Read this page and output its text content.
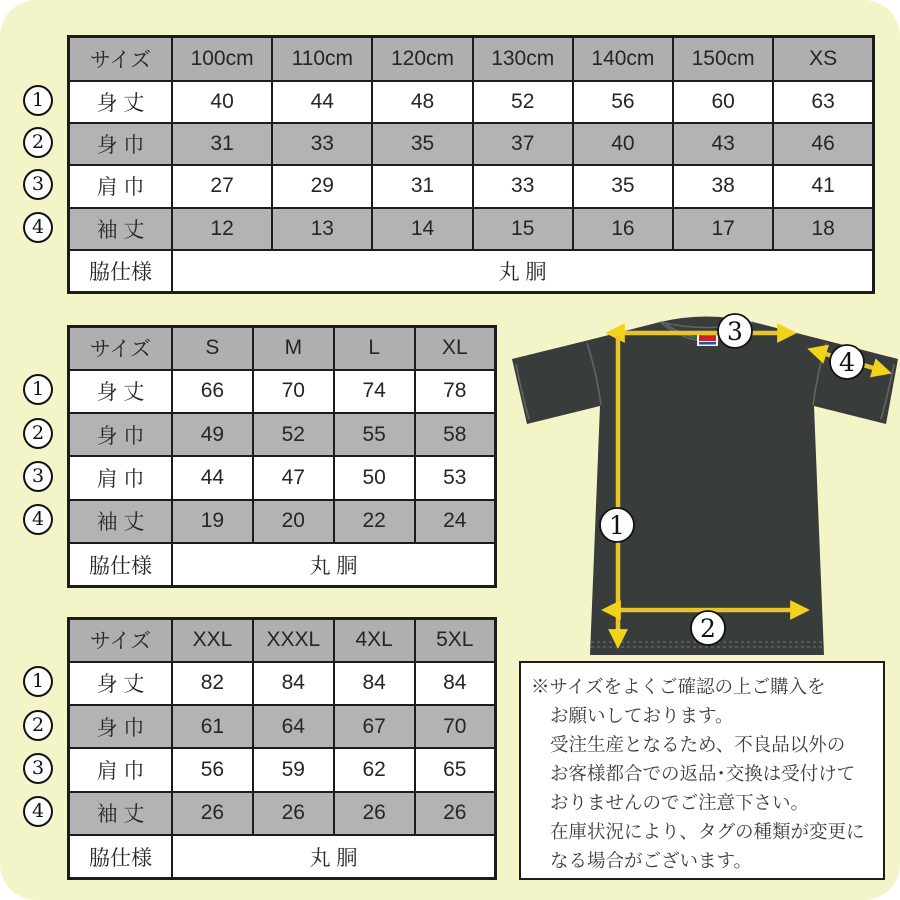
1
2
3
4
サイズ	100cm	110cm	120cm	130cm	140cm	150cm	XS
身 丈	40	44	48	52	56	60	63
身 巾	31	33	35	37	40	43	46
肩 巾	27	29	31	33	35	38	41
袖 丈	12	13	14	15	16	17	18
脇仕様	丸 胴						
1
2
3
4
サイズ	S	M	L	XL
身 丈	66	70	74	78
身 巾	49	52	55	58
肩 巾	44	47	50	53
袖 丈	19	20	22	24
脇仕様	丸 胴			
1
2
3
4
サイズ	XXL	XXXL	4XL	5XL
身 丈	82	84	84	84
身 巾	61	64	67	70
肩 巾	56	59	62	65
袖 丈	26	26	26	26
脇仕様	丸 胴			
3
4
1
2
※サイズをよくご確認の上ご購入を
お願いしております。
受注生産となるため、不良品以外の
お客様都合での返品･交換は受付けて
おりませんのでご注意下さい。
在庫状況により、タグの種類が変更に
なる場合がございます。
